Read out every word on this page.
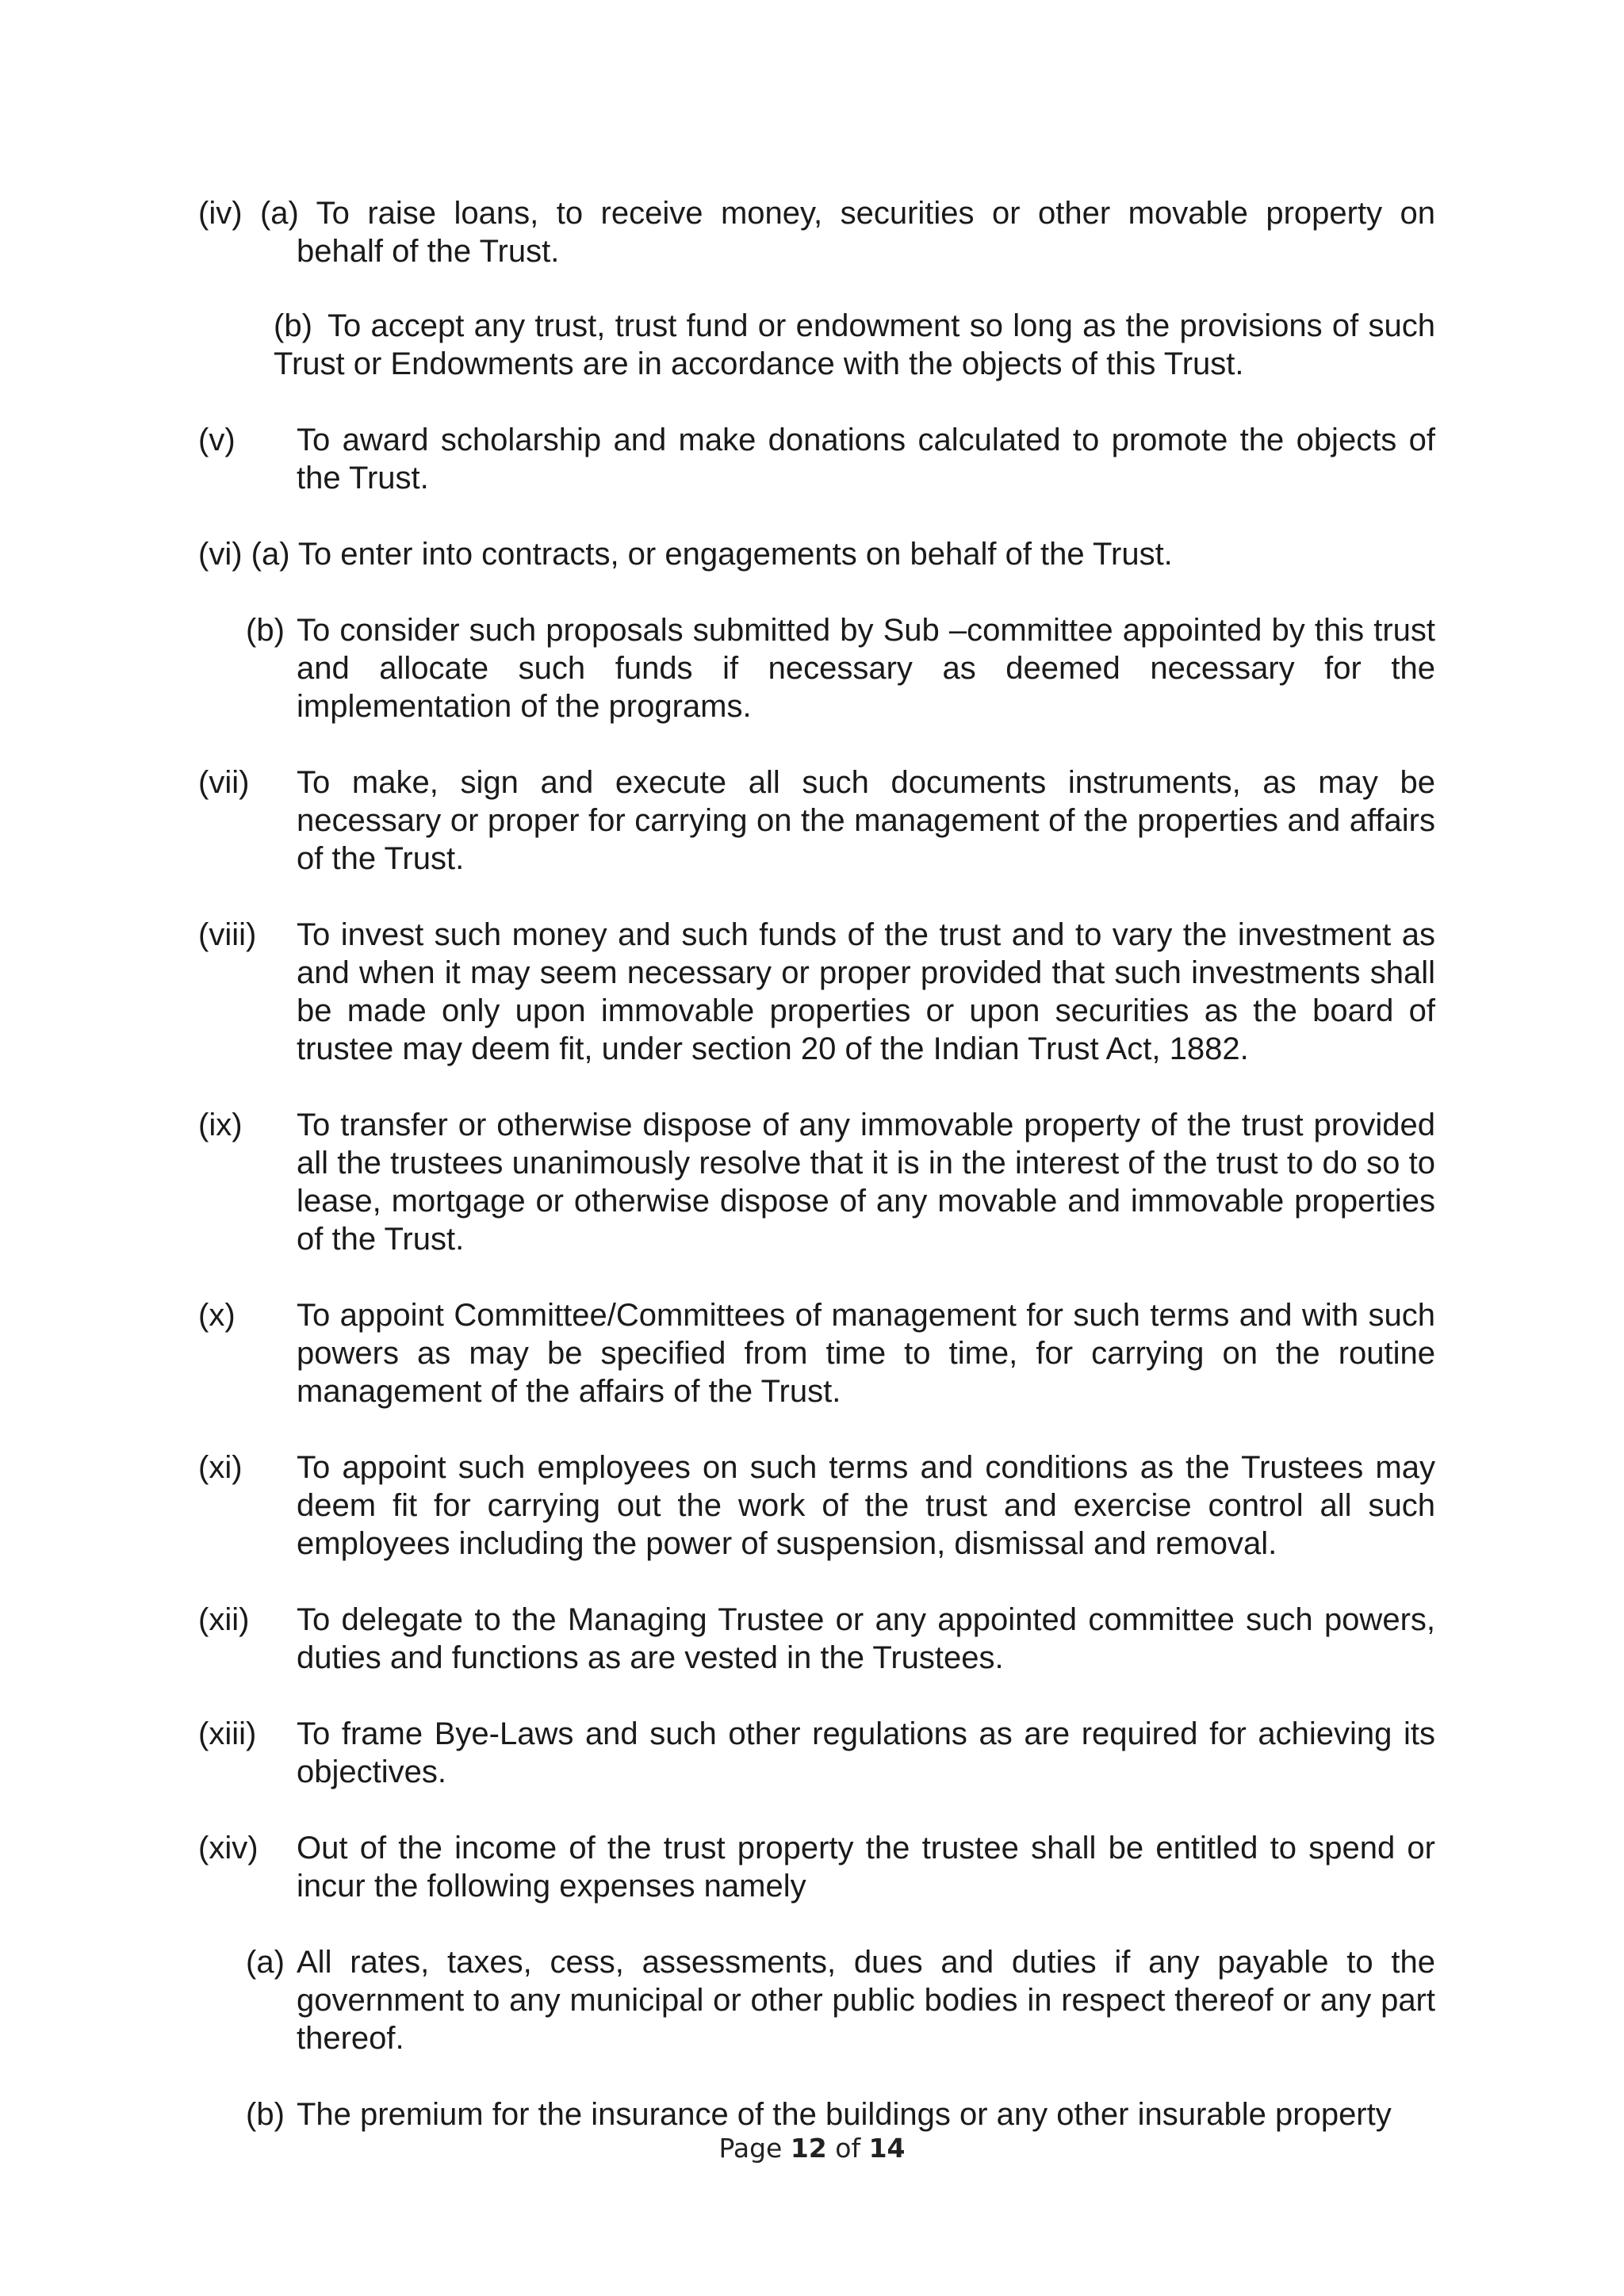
(iv) (a) To raise loans, to receive money, securities or other movable property on
behalf of the Trust.
(b) To accept any trust, trust fund or endowment so long as the provisions of such Trust or Endowments are in accordance with the objects of this Trust.
(v) To award scholarship and make donations calculated to promote the objects of the Trust.
(vi) (a) To enter into contracts, or engagements on behalf of the Trust.
(b) To consider such proposals submitted by Sub –committee appointed by this trust and allocate such funds if necessary as deemed necessary for the implementation of the programs.
(vii) To make, sign and execute all such documents instruments, as may be necessary or proper for carrying on the management of the properties and affairs of the Trust.
(viii) To invest such money and such funds of the trust and to vary the investment as and when it may seem necessary or proper provided that such investments shall be made only upon immovable properties or upon securities as the board of trustee may deem fit, under section 20 of the Indian Trust Act, 1882.
(ix) To transfer or otherwise dispose of any immovable property of the trust provided all the trustees unanimously resolve that it is in the interest of the trust to do so to lease, mortgage or otherwise dispose of any movable and immovable properties of the Trust.
(x) To appoint Committee/Committees of management for such terms and with such powers as may be specified from time to time, for carrying on the routine management of the affairs of the Trust.
(xi) To appoint such employees on such terms and conditions as the Trustees may deem fit for carrying out the work of the trust and exercise control all such employees including the power of suspension, dismissal and removal.
(xii) To delegate to the Managing Trustee or any appointed committee such powers, duties and functions as are vested in the Trustees.
(xiii) To frame Bye-Laws and such other regulations as are required for achieving its objectives.
(xiv) Out of the income of the trust property the trustee shall be entitled to spend or incur the following expenses namely
(a) All rates, taxes, cess, assessments, dues and duties if any payable to the government to any municipal or other public bodies in respect thereof or any part thereof.
(b) The premium for the insurance of the buildings or any other insurable property
Page 12 of 14
